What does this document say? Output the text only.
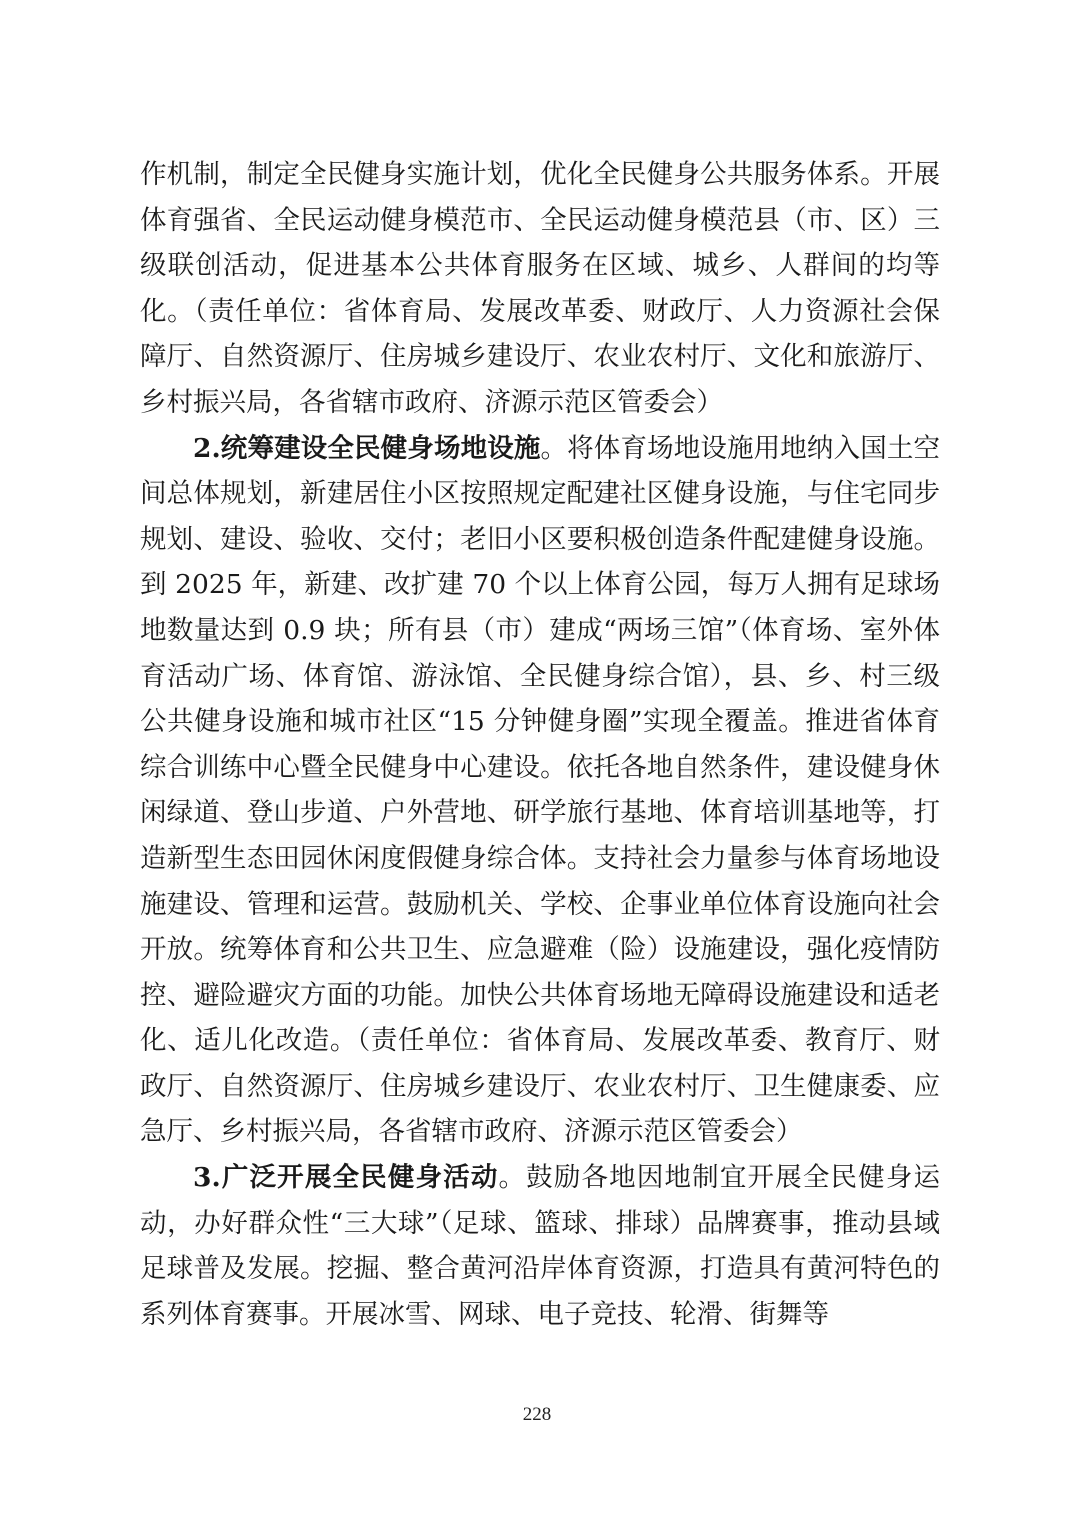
作机制，制定全民健身实施计划，优化全民健身公共服务体系。开展体育强省、全民运动健身模范市、全民运动健身模范县（市、区）三级联创活动，促进基本公共体育服务在区域、城乡、人群间的均等化。（责任单位：省体育局、发展改革委、财政厅、人力资源社会保障厅、自然资源厅、住房城乡建设厅、农业农村厅、文化和旅游厅、乡村振兴局，各省辖市政府、济源示范区管委会）

2.统筹建设全民健身场地设施。将体育场地设施用地纳入国土空间总体规划，新建居住小区按照规定配建社区健身设施，与住宅同步规划、建设、验收、交付；老旧小区要积极创造条件配建健身设施。到 2025 年，新建、改扩建 70 个以上体育公园，每万人拥有足球场地数量达到 0.9 块；所有县（市）建成“两场三馆”（体育场、室外体育活动广场、体育馆、游泳馆、全民健身综合馆），县、乡、村三级公共健身设施和城市社区“15 分钟健身圈”实现全覆盖。推进省体育综合训练中心暨全民健身中心建设。依托各地自然条件，建设健身休闲绿道、登山步道、户外营地、研学旅行基地、体育培训基地等，打造新型生态田园休闲度假健身综合体。支持社会力量参与体育场地设施建设、管理和运营。鼓励机关、学校、企事业单位体育设施向社会开放。统筹体育和公共卫生、应急避难（险）设施建设，强化疫情防控、避险避灾方面的功能。加快公共体育场地无障碍设施建设和适老化、适儿化改造。（责任单位：省体育局、发展改革委、教育厅、财政厅、自然资源厅、住房城乡建设厅、农业农村厅、卫生健康委、应急厅、乡村振兴局，各省辖市政府、济源示范区管委会）

3.广泛开展全民健身活动。鼓励各地因地制宜开展全民健身运动，办好群众性“三大球”（足球、篮球、排球）品牌赛事，推动县域足球普及发展。挖掘、整合黄河沿岸体育资源，打造具有黄河特色的系列体育赛事。开展冰雪、网球、电子竞技、轮滑、街舞等

228
